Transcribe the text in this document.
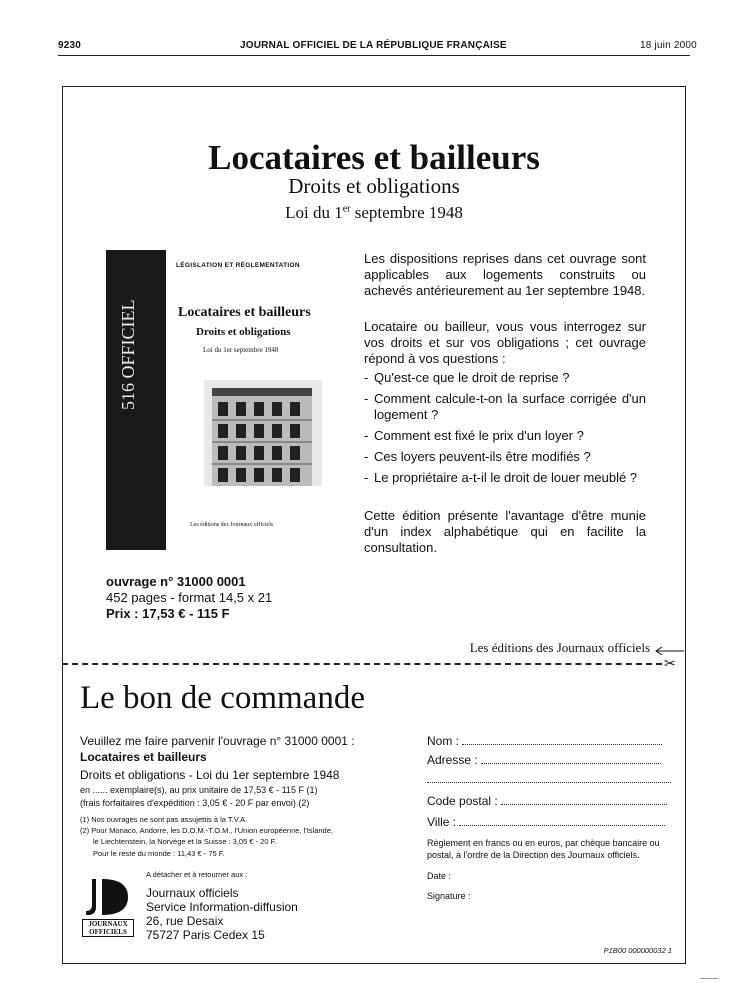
9230	JOURNAL OFFICIEL DE LA RÉPUBLIQUE FRANÇAISE	18 juin 2000
Locataires et bailleurs
Droits et obligations
Loi du 1er septembre 1948
516 OFFICIEL
LÉGISLATION ET RÉGLEMENTATION
Locataires et bailleurs
Droits et obligations
Loi du 1er septembre 1948
Les éditions des Journaux officiels
Les dispositions reprises dans cet ouvrage sont applicables aux logements construits ou achevés antérieurement au 1er septembre 1948.
Locataire ou bailleur, vous vous interrogez sur vos droits et sur vos obligations ; cet ouvrage répond à vos questions :
- Qu'est-ce que le droit de reprise ?
- Comment calcule-t-on la surface corrigée d'un logement ?
- Comment est fixé le prix d'un loyer ?
- Ces loyers peuvent-ils être modifiés ?
- Le propriétaire a-t-il le droit de louer meublé ?
Cette édition présente l'avantage d'être munie d'un index alphabétique qui en facilite la consultation.
ouvrage n° 31000 0001
452 pages - format 14,5 x 21
Prix : 17,53 € - 115 F
Les éditions des Journaux officiels
✂
Le bon de commande
Veuillez me faire parvenir l'ouvrage n° 31000 0001 :
Locataires et bailleurs
Droits et obligations - Loi du 1er septembre 1948
en ...... exemplaire(s), au prix unitaire de 17,53 € - 115 F (1)
(frais forfaitaires d'expédition : 3,05 € - 20 F par envoi) (2)
(1) Nos ouvrages ne sont pas assujettis à la T.V.A.
(2) Pour Monaco, Andorre, les D.O.M.-T.O.M., l'Union européenne, l'Islande,
le Liechtenstein, la Norvège et la Suisse : 3,05 € - 20 F.
Pour le reste du monde : 11,43 € - 75 F.
A détacher et à retourner aux :
JOURNAUX
OFFICIELS
Journaux officiels
Service Information-diffusion
26, rue Desaix
75727 Paris Cedex 15
Nom :
Adresse :
Code postal :
Ville :
Règlement en francs ou en euros, par chèque bancaire ou postal, à l'ordre de la Direction des Journaux officiels.
Date :
Signature :
P1B00 000000032 1
